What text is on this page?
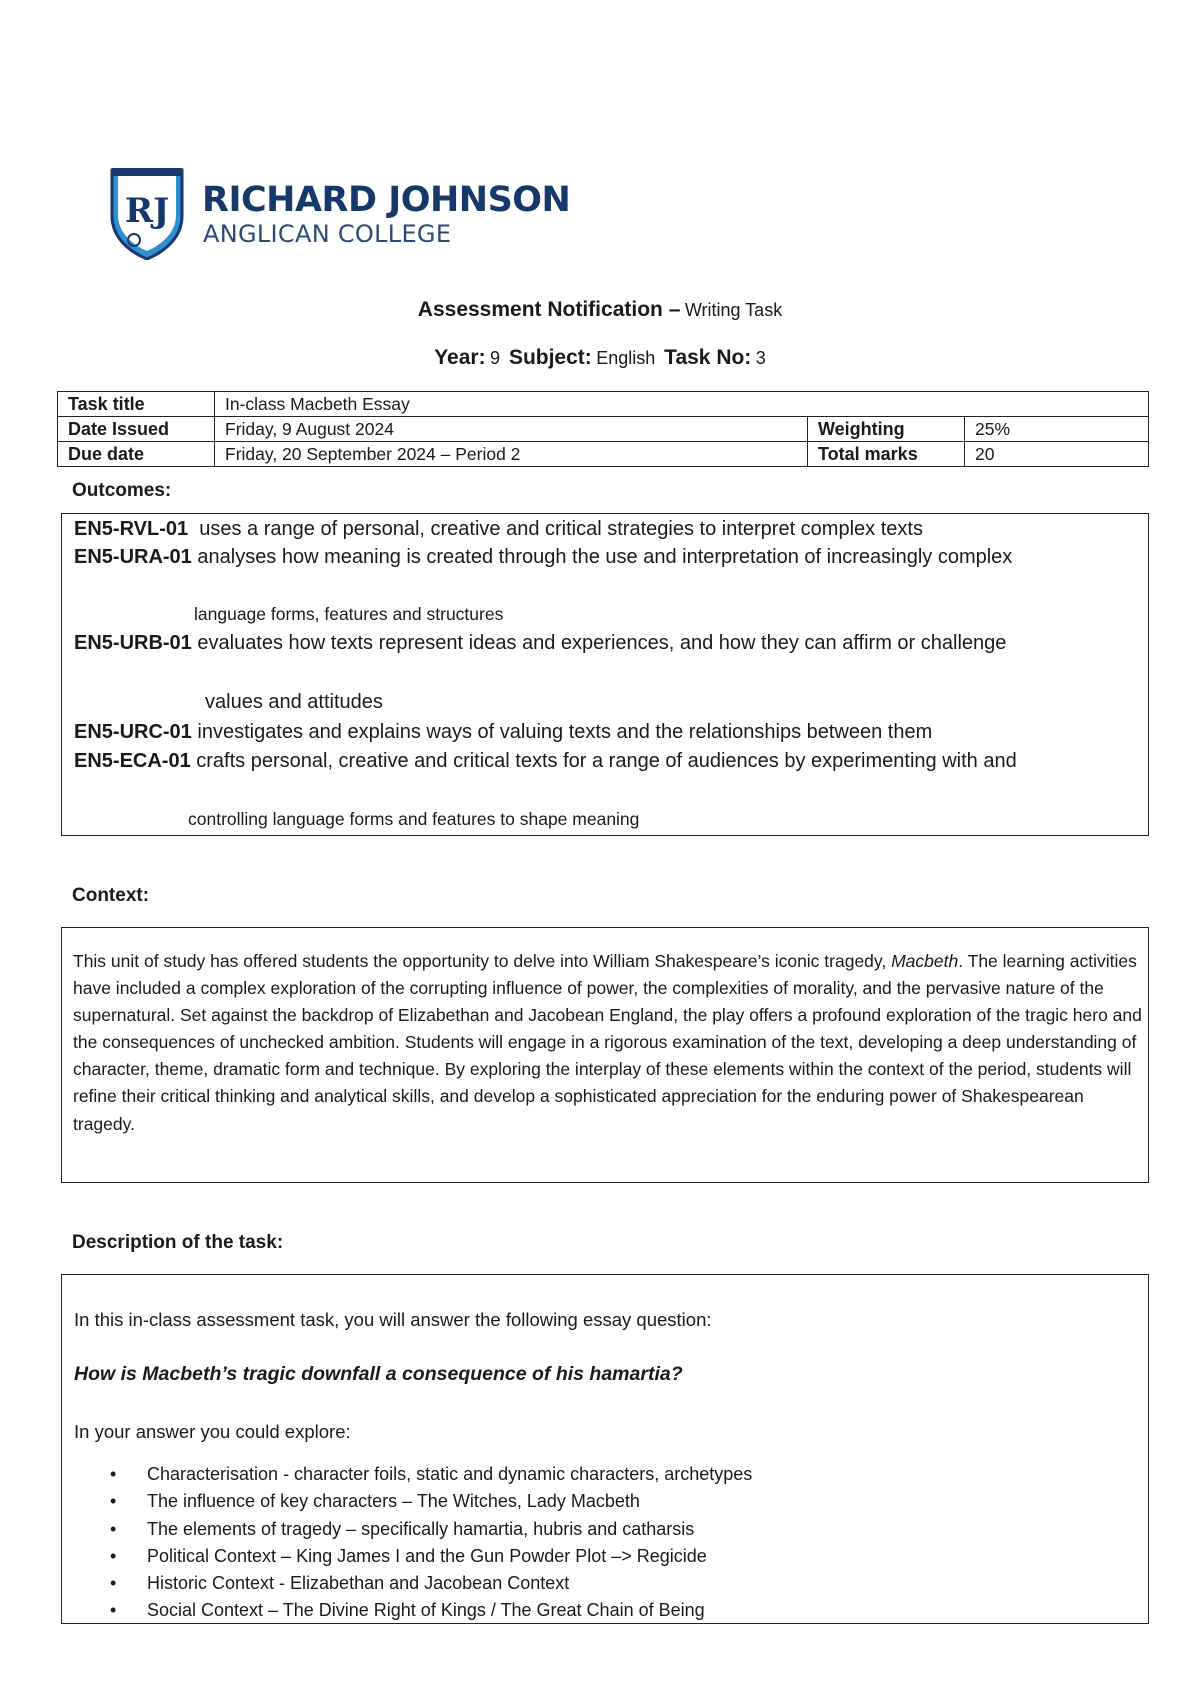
RJ RICHARD JOHNSON
ANGLICAN COLLEGE
Assessment Notification – Writing Task
Year: 9 Subject: English Task No: 3
Task title	In-class Macbeth Essay		
Date Issued	Friday, 9 August 2024	Weighting	25%
Due date	Friday, 20 September 2024 – Period 2	Total marks	20
Outcomes:
EN5-RVL-01 uses a range of personal, creative and critical strategies to interpret complex texts
EN5-URA-01 analyses how meaning is created through the use and interpretation of increasingly complex
language forms, features and structures
EN5-URB-01 evaluates how texts represent ideas and experiences, and how they can affirm or challenge
values and attitudes
EN5-URC-01 investigates and explains ways of valuing texts and the relationships between them
EN5-ECA-01 crafts personal, creative and critical texts for a range of audiences by experimenting with and
controlling language forms and features to shape meaning
Context:

This unit of study has offered students the opportunity to delve into William Shakespeare’s iconic tragedy, Macbeth. The learning activities have included a complex exploration of the corrupting influence of power, the complexities of morality, and the pervasive nature of the supernatural. Set against the backdrop of Elizabethan and Jacobean England, the play offers a profound exploration of the tragic hero and the consequences of unchecked ambition. Students will engage in a rigorous examination of the text, developing a deep understanding of character, theme, dramatic form and technique. By exploring the interplay of these elements within the context of the period, students will refine their critical thinking and analytical skills, and develop a sophisticated appreciation for the enduring power of Shakespearean tragedy.

Description of the task:
In this in-class assessment task, you will answer the following essay question:
How is Macbeth’s tragic downfall a consequence of his hamartia?
In your answer you could explore:
• Characterisation - character foils, static and dynamic characters, archetypes
• The influence of key characters – The Witches, Lady Macbeth
• The elements of tragedy – specifically hamartia, hubris and catharsis
• Political Context – King James I and the Gun Powder Plot –> Regicide
• Historic Context - Elizabethan and Jacobean Context
• Social Context – The Divine Right of Kings / The Great Chain of Being
